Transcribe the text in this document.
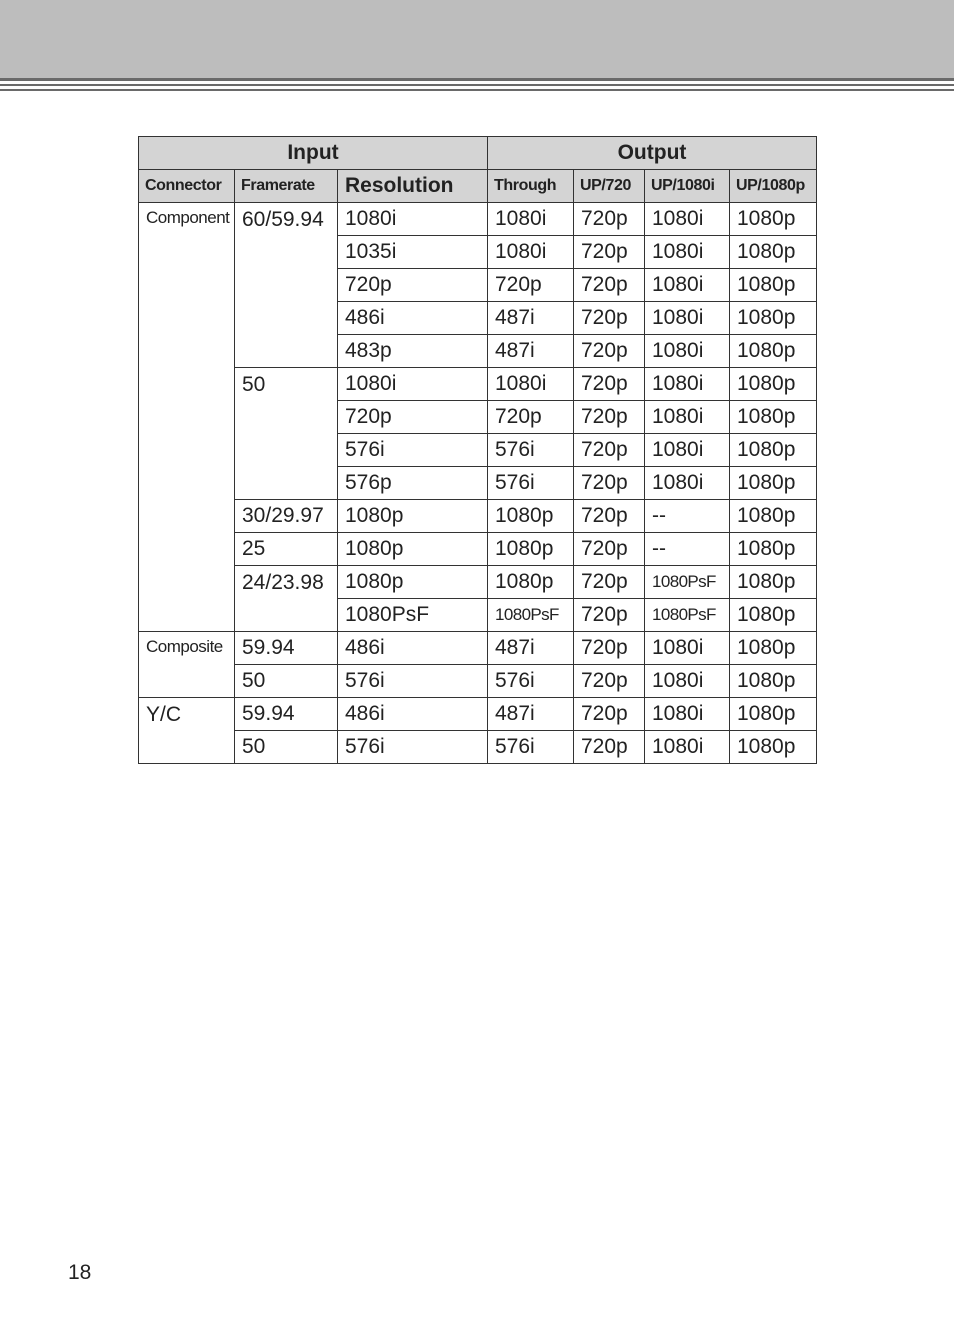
Input			Output			
Connector	Framerate	Resolution	Through	UP/720	UP/1080i	UP/1080p
Component	60/59.94	1080i	1080i	720p	1080i	1080p
		1035i	1080i	720p	1080i	1080p
		720p	720p	720p	1080i	1080p
		486i	487i	720p	1080i	1080p
		483p	487i	720p	1080i	1080p
	50	1080i	1080i	720p	1080i	1080p
		720p	720p	720p	1080i	1080p
		576i	576i	720p	1080i	1080p
		576p	576i	720p	1080i	1080p
	30/29.97	1080p	1080p	720p	--	1080p
	25	1080p	1080p	720p	--	1080p
	24/23.98	1080p	1080p	720p	1080PsF	1080p
		1080PsF	1080PsF	720p	1080PsF	1080p
Composite	59.94	486i	487i	720p	1080i	1080p
	50	576i	576i	720p	1080i	1080p
Y/C	59.94	486i	487i	720p	1080i	1080p
	50	576i	576i	720p	1080i	1080p
18
